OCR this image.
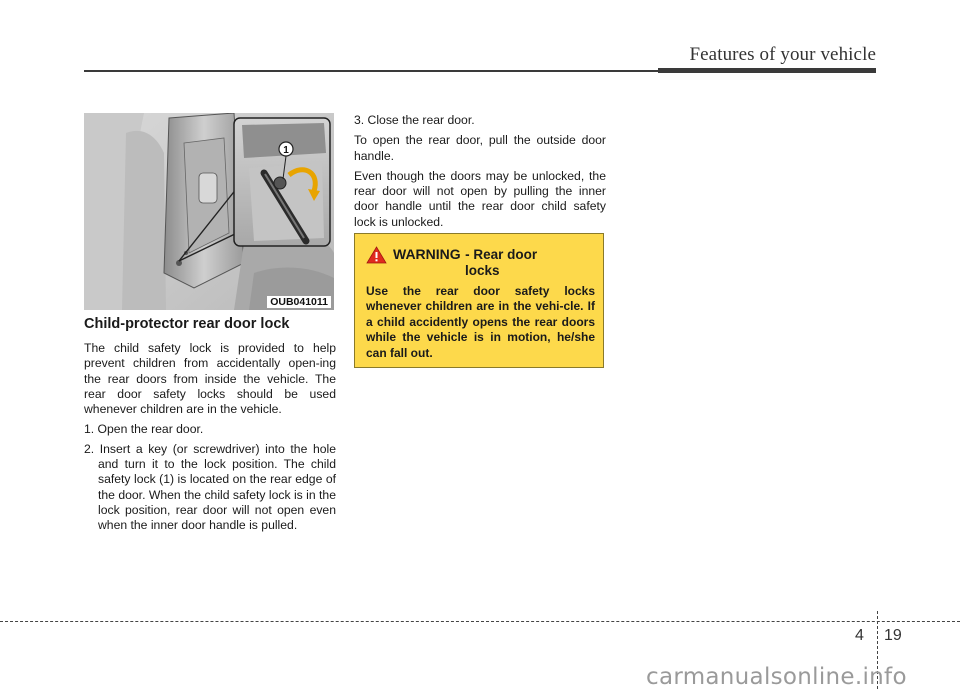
Features of your vehicle
1
OUB041011
Child-protector rear door lock

The child safety lock is provided to help prevent children from accidentally open-ing the rear doors from inside the vehicle. The rear door safety locks should be used whenever children are in the vehicle.

1. Open the rear door.

2. Insert a key (or screwdriver) into the hole and turn it to the lock position. The child safety lock (1) is located on the rear edge of the door. When the child safety lock is in the lock position, rear door will not open even when the inner door handle is pulled.

3. Close the rear door.

To open the rear door, pull the outside door handle.

Even though the doors may be unlocked, the rear door will not open by pulling the inner door handle until the rear door child safety lock is unlocked.

WARNING - Rear door
locks
Use the rear door safety locks whenever children are in the vehi-cle. If a child accidently opens the rear doors while the vehicle is in motion, he/she can fall out.
4 19
carmanualsonline.info
